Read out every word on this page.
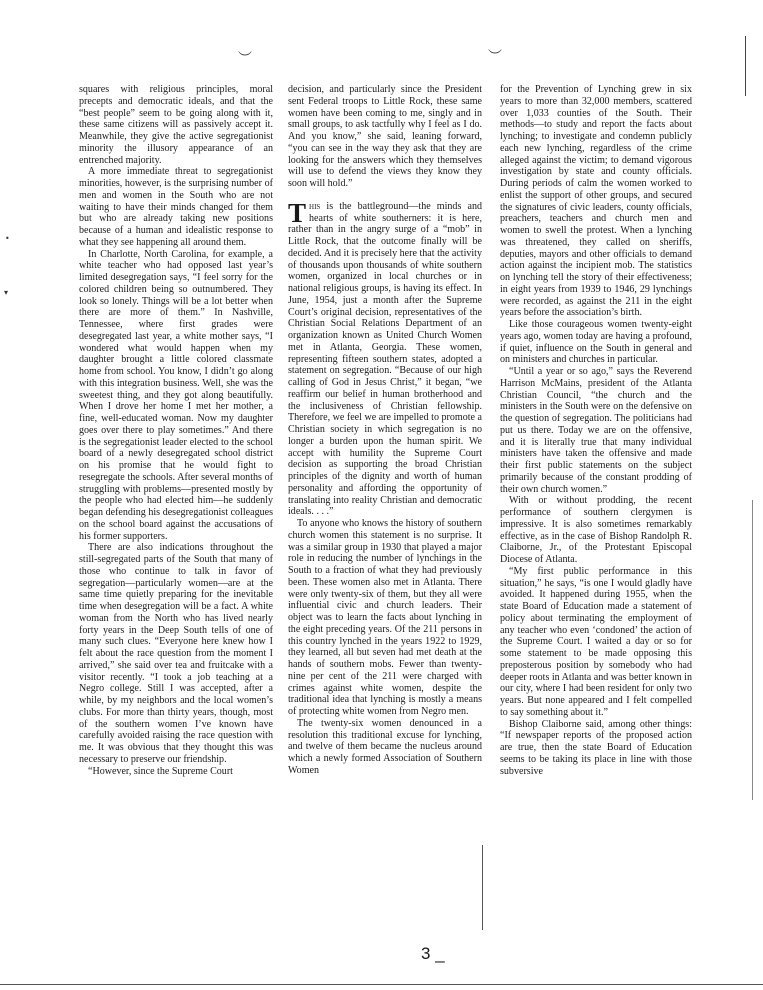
︶	︶
•
▾

squares with religious principles, moral precepts and democratic ideals, and that the “best people” seem to be going along with it, these same citizens will as passively accept it. Meanwhile, they give the active segregationist minority the illusory appearance of an entrenched majority.

A more immediate threat to segregationist minorities, however, is the surprising number of men and women in the South who are not waiting to have their minds changed for them but who are already taking new positions because of a human and idealistic response to what they see happening all around them.

In Charlotte, North Carolina, for example, a white teacher who had opposed last year’s limited desegregation says, “I feel sorry for the colored children being so outnumbered. They look so lonely. Things will be a lot better when there are more of them.” In Nashville, Tennessee, where first grades were desegregated last year, a white mother says, “I wondered what would happen when my daughter brought a little colored classmate home from school. You know, I didn’t go along with this integration business. Well, she was the sweetest thing, and they got along beautifully. When I drove her home I met her mother, a fine, well-educated woman. Now my daughter goes over there to play sometimes.” And there is the segregationist leader elected to the school board of a newly desegregated school district on his promise that he would fight to resegregate the schools. After several months of struggling with problems—presented mostly by the people who had elected him—he suddenly began defending his desegregationist colleagues on the school board against the accusations of his former supporters.

There are also indications throughout the still-segregated parts of the South that many of those who continue to talk in favor of segregation—particularly women—are at the same time quietly preparing for the inevitable time when desegregation will be a fact. A white woman from the North who has lived nearly forty years in the Deep South tells of one of many such clues. “Everyone here knew how I felt about the race question from the moment I arrived,” she said over tea and fruitcake with a visitor recently. “I took a job teaching at a Negro college. Still I was accepted, after a while, by my neighbors and the local women’s clubs. For more than thirty years, though, most of the southern women I’ve known have carefully avoided raising the race question with me. It was obvious that they thought this was necessary to preserve our friendship.

“However, since the Supreme Court

decision, and particularly since the President sent Federal troops to Little Rock, these same women have been coming to me, singly and in small groups, to ask tactfully why I feel as I do. And you know,” she said, leaning forward, “you can see in the way they ask that they are looking for the answers which they themselves will use to defend the views they know they soon will hold.”

This is the battleground—the minds and hearts of white southerners: it is here, rather than in the angry surge of a “mob” in Little Rock, that the outcome finally will be decided. And it is precisely here that the activity of thousands upon thousands of white southern women, organized in local churches or in national religious groups, is having its effect. In June, 1954, just a month after the Supreme Court’s original decision, representatives of the Christian Social Relations Department of an organization known as United Church Women met in Atlanta, Georgia. These women, representing fifteen southern states, adopted a statement on segregation. “Because of our high calling of God in Jesus Christ,” it began, “we reaffirm our belief in human brotherhood and the inclusiveness of Christian fellowship. Therefore, we feel we are impelled to promote a Christian society in which segregation is no longer a burden upon the human spirit. We accept with humility the Supreme Court decision as supporting the broad Christian principles of the dignity and worth of human personality and affording the opportunity of translating into reality Christian and democratic ideals. . . .”

To anyone who knows the history of southern church women this statement is no surprise. It was a similar group in 1930 that played a major role in reducing the number of lynchings in the South to a fraction of what they had previously been. These women also met in Atlanta. There were only twenty-six of them, but they all were influential civic and church leaders. Their object was to learn the facts about lynching in the eight preceding years. Of the 211 persons in this country lynched in the years 1922 to 1929, they learned, all but seven had met death at the hands of southern mobs. Fewer than twenty-nine per cent of the 211 were charged with crimes against white women, despite the traditional idea that lynching is mostly a means of protecting white women from Negro men.

The twenty-six women denounced in a resolution this traditional excuse for lynching, and twelve of them became the nucleus around which a newly formed Association of Southern Women

for the Prevention of Lynching grew in six years to more than 32,000 members, scattered over 1,033 counties of the South. Their methods—to study and report the facts about lynching; to investigate and condemn publicly each new lynching, regardless of the crime alleged against the victim; to demand vigorous investigation by state and county officials. During periods of calm the women worked to enlist the support of other groups, and secured the signatures of civic leaders, county officials, preachers, teachers and church men and women to swell the protest. When a lynching was threatened, they called on sheriffs, deputies, mayors and other officials to demand action against the incipient mob. The statistics on lynching tell the story of their effectiveness; in eight years from 1939 to 1946, 29 lynchings were recorded, as against the 211 in the eight years before the association’s birth.

Like those courageous women twenty-eight years ago, women today are having a profound, if quiet, influence on the South in general and on ministers and churches in particular.

“Until a year or so ago,” says the Reverend Harrison McMains, president of the Atlanta Christian Council, “the church and the ministers in the South were on the defensive on the question of segregation. The politicians had put us there. Today we are on the offensive, and it is literally true that many individual ministers have taken the offensive and made their first public statements on the subject primarily because of the constant prodding of their own church women.”

With or without prodding, the recent performance of southern clergymen is impressive. It is also sometimes remarkably effective, as in the case of Bishop Randolph R. Claiborne, Jr., of the Protestant Episcopal Diocese of Atlanta.

“My first public performance in this situation,” he says, “is one I would gladly have avoided. It happened during 1955, when the state Board of Education made a statement of policy about terminating the employment of any teacher who even ‘condoned’ the action of the Supreme Court. I waited a day or so for some statement to be made opposing this preposterous position by somebody who had deeper roots in Atlanta and was better known in our city, where I had been resident for only two years. But none appeared and I felt compelled to say something about it.”

Bishop Claiborne said, among other things: “If newspaper reports of the proposed action are true, then the state Board of Education seems to be taking its place in line with those subversive

3 _
